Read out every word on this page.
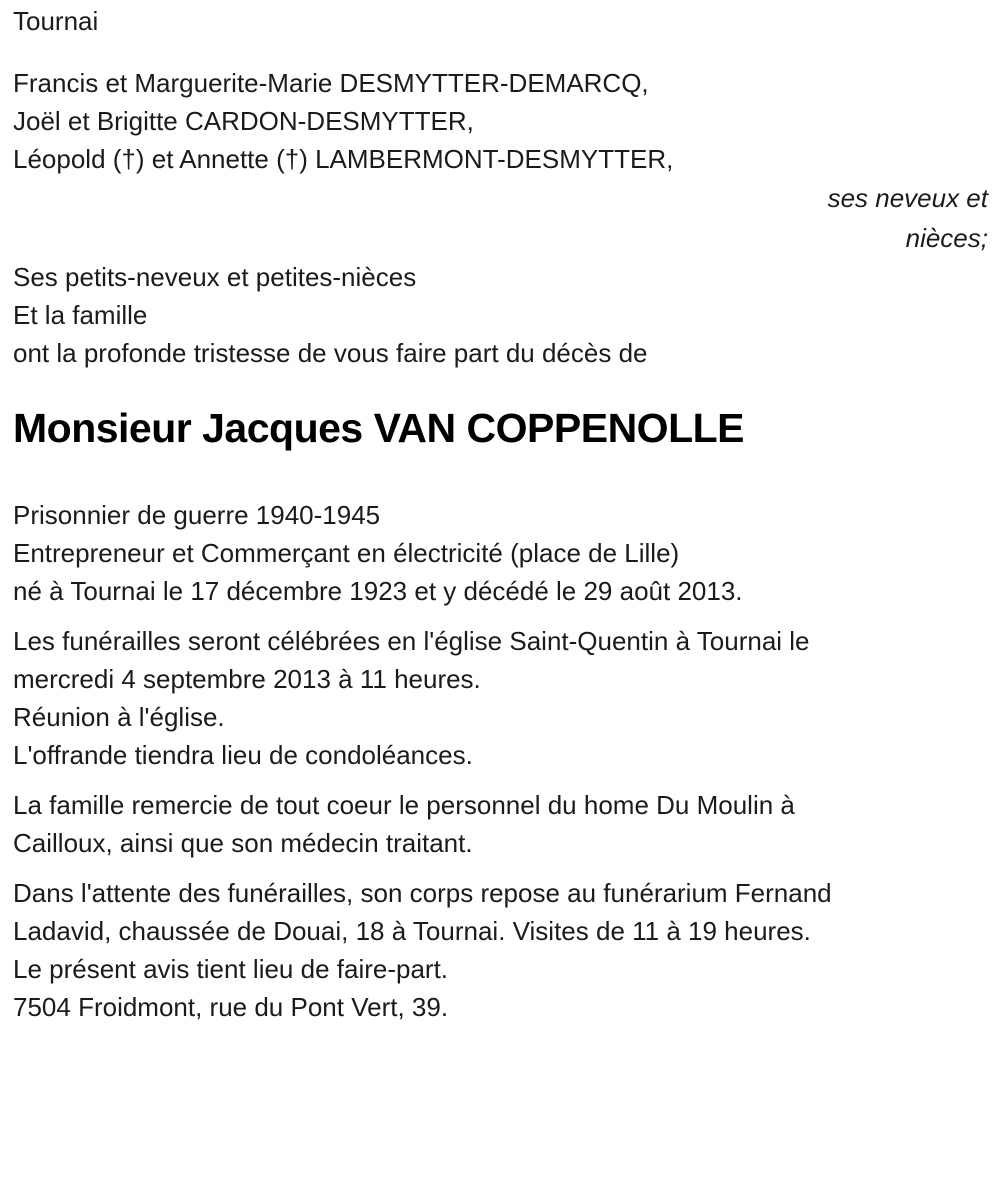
Tournai

Francis et Marguerite-Marie DESMYTTER-DEMARCQ,
Joël et Brigitte CARDON-DESMYTTER,
Léopold (†) et Annette (†) LAMBERMONT-DESMYTTER,
ses neveux et
nièces;
Ses petits-neveux et petites-nièces
Et la famille

ont la profonde tristesse de vous faire part du décès de

Monsieur Jacques VAN COPPENOLLE
Prisonnier de guerre 1940-1945
Entrepreneur et Commerçant en électricité (place de Lille)

né à Tournai le 17 décembre 1923 et y décédé le 29 août 2013.

Les funérailles seront célébrées en l'église Saint-Quentin à Tournai le
mercredi 4 septembre 2013 à 11 heures.

Réunion à l'église.

L'offrande tiendra lieu de condoléances.

La famille remercie de tout coeur le personnel du home Du Moulin à
Cailloux, ainsi que son médecin traitant.
Dans l'attente des funérailles, son corps repose au funérarium Fernand
Ladavid, chaussée de Douai, 18 à Tournai. Visites de 11 à 19 heures.

Le présent avis tient lieu de faire-part.

7504 Froidmont, rue du Pont Vert, 39.
